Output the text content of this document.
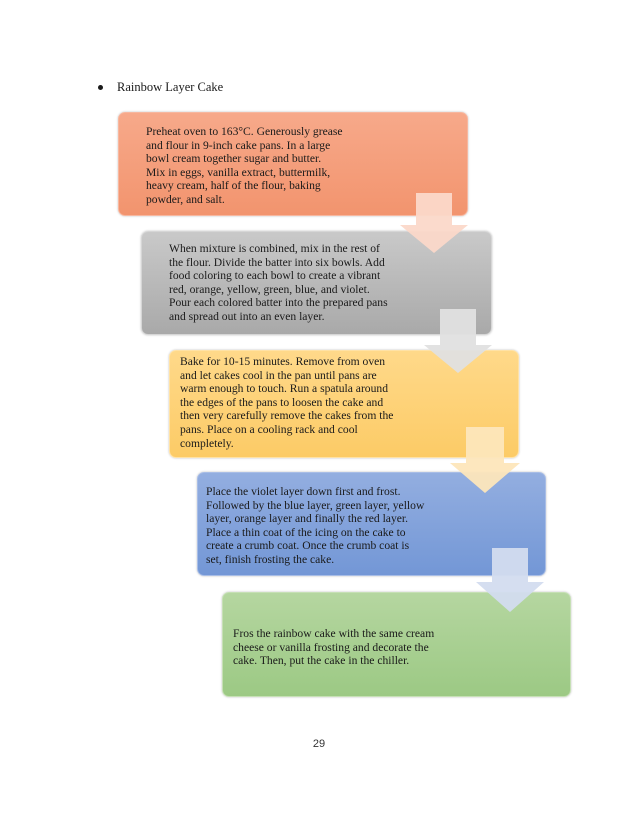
Rainbow Layer Cake
Preheat oven to 163°C. Generously grease
and flour in 9-inch cake pans. In a large
bowl cream together sugar and butter.
Mix in eggs, vanilla extract, buttermilk,
heavy cream, half of the flour, baking
powder, and salt.
When mixture is combined, mix in the rest of
the flour. Divide the batter into six bowls. Add
food coloring to each bowl to create a vibrant
red, orange, yellow, green, blue, and violet.
Pour each colored batter into the prepared pans
and spread out into an even layer.
Bake for 10-15 minutes. Remove from oven
and let cakes cool in the pan until pans are
warm enough to touch. Run a spatula around
the edges of the pans to loosen the cake and
then very carefully remove the cakes from the
pans. Place on a cooling rack and cool
completely.
Place the violet layer down first and frost.
Followed by the blue layer, green layer, yellow
layer, orange layer and finally the red layer.
Place a thin coat of the icing on the cake to
create a crumb coat. Once the crumb coat is
set, finish frosting the cake.
Fros the rainbow cake with the same cream
cheese or vanilla frosting and decorate the
cake. Then, put the cake in the chiller.
29
